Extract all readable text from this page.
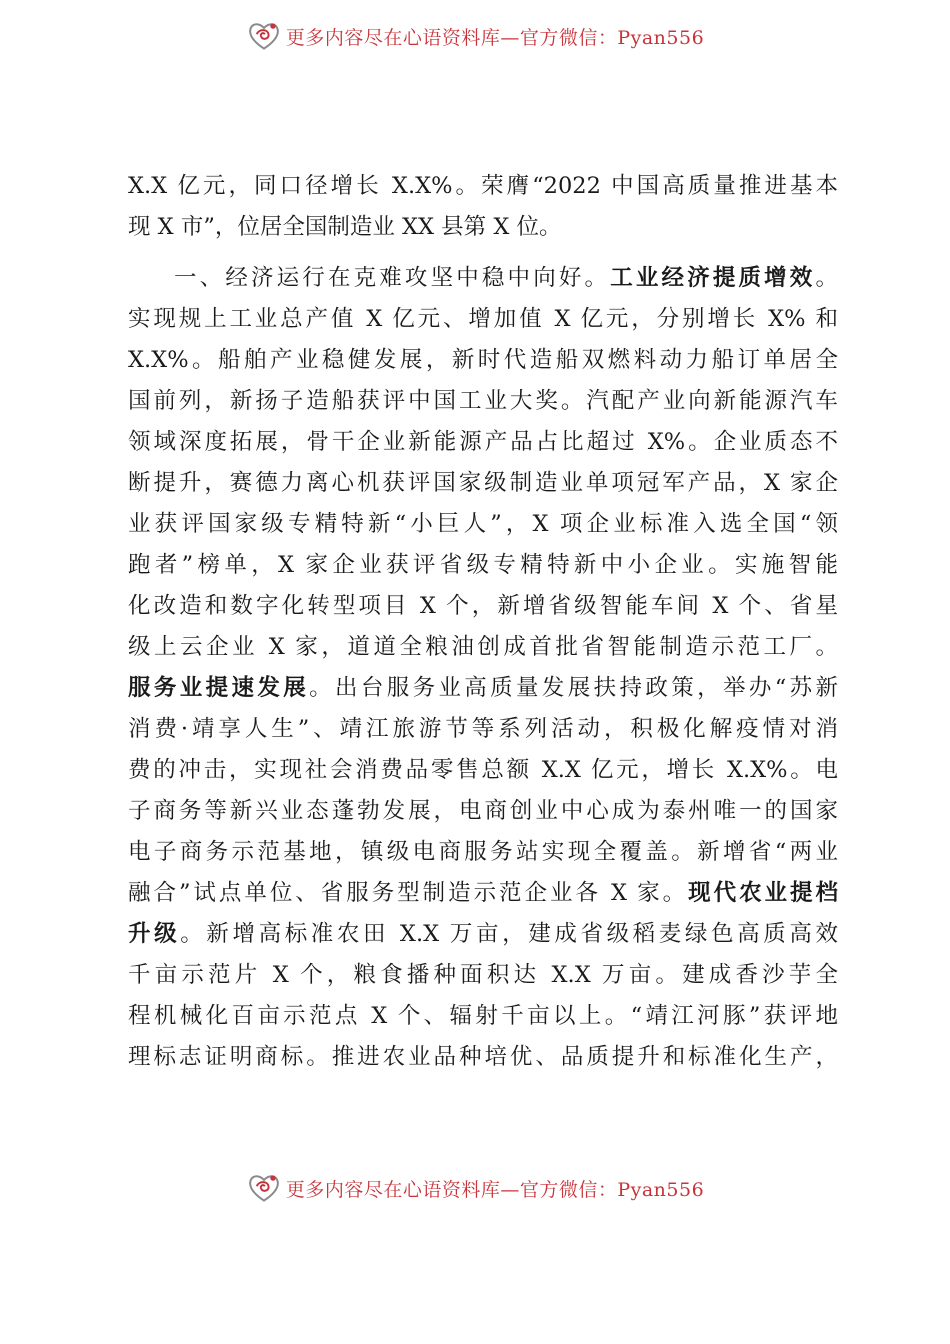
更多内容尽在心语资料库—官方微信：Pyan556
X.X 亿元，同口径增长 X.X%。荣膺“2022 中国高质量推进基本
现 X 市”，位居全国制造业 XX 县第 X 位。
一、经济运行在克难攻坚中稳中向好。工业经济提质增效。
实现规上工业总产值 X 亿元、增加值 X 亿元，分别增长 X% 和
X.X%。船舶产业稳健发展，新时代造船双燃料动力船订单居全
国前列，新扬子造船获评中国工业大奖。汽配产业向新能源汽车
领域深度拓展，骨干企业新能源产品占比超过 X%。企业质态不
断提升，赛德力离心机获评国家级制造业单项冠军产品，X 家企
业获评国家级专精特新“小巨人”，X 项企业标准入选全国“领
跑者”榜单，X 家企业获评省级专精特新中小企业。实施智能
化改造和数字化转型项目 X 个，新增省级智能车间 X 个、省星
级上云企业 X 家，道道全粮油创成首批省智能制造示范工厂。
服务业提速发展。出台服务业高质量发展扶持政策，举办“苏新
消费·靖享人生”、靖江旅游节等系列活动，积极化解疫情对消
费的冲击，实现社会消费品零售总额 X.X 亿元，增长 X.X%。电
子商务等新兴业态蓬勃发展，电商创业中心成为泰州唯一的国家
电子商务示范基地，镇级电商服务站实现全覆盖。新增省“两业
融合”试点单位、省服务型制造示范企业各 X 家。现代农业提档
升级。新增高标准农田 X.X 万亩，建成省级稻麦绿色高质高效
千亩示范片 X 个，粮食播种面积达 X.X 万亩。建成香沙芋全
程机械化百亩示范点 X 个、辐射千亩以上。“靖江河豚”获评地
理标志证明商标。推进农业品种培优、品质提升和标准化生产，
更多内容尽在心语资料库—官方微信：Pyan556
